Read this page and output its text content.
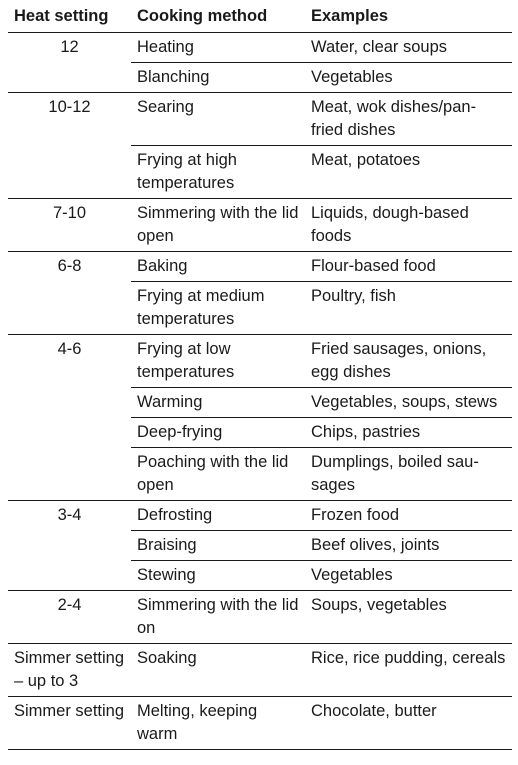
Heat setting	Cooking method	Examples
12	Heating	Water, clear soups
	Blanching	Vegetables
10-12	Searing	Meat, wok dishes/pan-fried dishes
	Frying at high temperatures	Meat, potatoes
7-10	Simmering with the lid open	Liquids, dough-based foods
6-8	Baking	Flour-based food
	Frying at medium temperatures	Poultry, fish
4-6	Frying at low temperatures	Fried sausages, onions, egg dishes
	Warming	Vegetables, soups, stews
	Deep-frying	Chips, pastries
	Poaching with the lid open	Dumplings, boiled sau-sages
3-4	Defrosting	Frozen food
	Braising	Beef olives, joints
	Stewing	Vegetables
2-4	Simmering with the lid on	Soups, vegetables
Simmer setting – up to 3	Soaking	Rice, rice pudding, cereals
Simmer setting	Melting, keeping warm	Chocolate, butter
